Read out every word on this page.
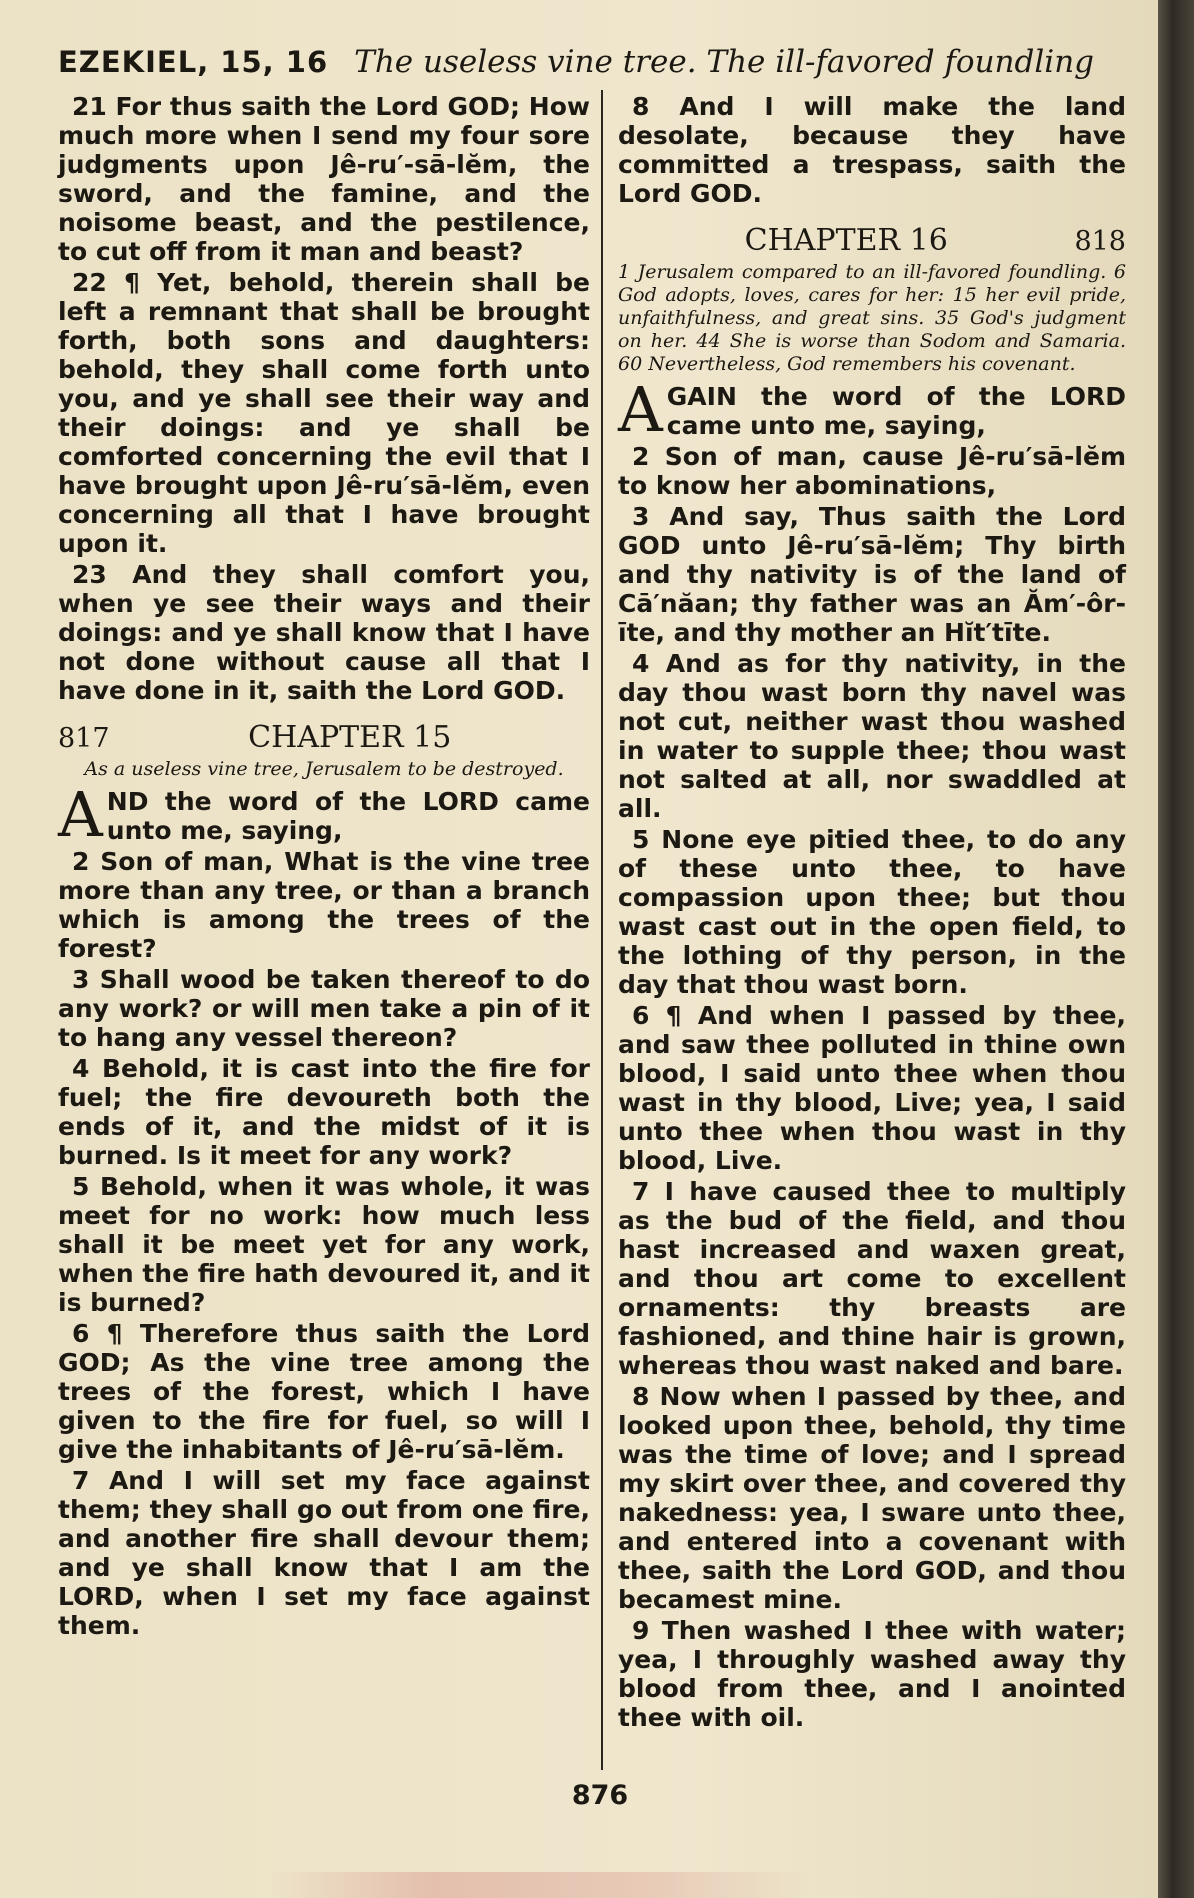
EZEKIEL, 15, 16 The useless vine tree. The ill-favored foundling

21 For thus saith the Lord GOD; How much more when I send my four sore judgments upon Jê-ru′-sā-lĕm, the sword, and the famine, and the noisome beast, and the pestilence, to cut off from it man and beast?

22 ¶ Yet, behold, therein shall be left a remnant that shall be brought forth, both sons and daughters: behold, they shall come forth unto you, and ye shall see their way and their doings: and ye shall be comforted concerning the evil that I have brought upon Jê-ru′sā-lĕm, even concerning all that I have brought upon it.

23 And they shall comfort you, when ye see their ways and their doings: and ye shall know that I have not done without cause all that I have done in it, saith the Lord GOD.

817	CHAPTER 15

As a useless vine tree, Jerusalem to be destroyed.

AND the word of the LORD came unto me, saying,

2 Son of man, What is the vine tree more than any tree, or than a branch which is among the trees of the forest?

3 Shall wood be taken thereof to do any work? or will men take a pin of it to hang any vessel thereon?

4 Behold, it is cast into the fire for fuel; the fire devoureth both the ends of it, and the midst of it is burned. Is it meet for any work?

5 Behold, when it was whole, it was meet for no work: how much less shall it be meet yet for any work, when the fire hath devoured it, and it is burned?

6 ¶ Therefore thus saith the Lord GOD; As the vine tree among the trees of the forest, which I have given to the fire for fuel, so will I give the inhabitants of Jê-ru′sā-lĕm.

7 And I will set my face against them; they shall go out from one fire, and another fire shall devour them; and ye shall know that I am the LORD, when I set my face against them.

8 And I will make the land desolate, because they have committed a trespass, saith the Lord GOD.

CHAPTER 16	818

1 Jerusalem compared to an ill-favored foundling. 6 God adopts, loves, cares for her: 15 her evil pride, unfaithfulness, and great sins. 35 God's judgment on her. 44 She is worse than Sodom and Samaria. 60 Nevertheless, God remembers his covenant.

AGAIN the word of the LORD came unto me, saying,

2 Son of man, cause Jê-ru′sā-lĕm to know her abominations,

3 And say, Thus saith the Lord GOD unto Jê-ru′sā-lĕm; Thy birth and thy nativity is of the land of Cā′năan; thy father was an Ăm′-ôr-īte, and thy mother an Hĭt′tīte.

4 And as for thy nativity, in the day thou wast born thy navel was not cut, neither wast thou washed in water to supple thee; thou wast not salted at all, nor swaddled at all.

5 None eye pitied thee, to do any of these unto thee, to have compassion upon thee; but thou wast cast out in the open field, to the lothing of thy person, in the day that thou wast born.

6 ¶ And when I passed by thee, and saw thee polluted in thine own blood, I said unto thee when thou wast in thy blood, Live; yea, I said unto thee when thou wast in thy blood, Live.

7 I have caused thee to multiply as the bud of the field, and thou hast increased and waxen great, and thou art come to excellent ornaments: thy breasts are fashioned, and thine hair is grown, whereas thou wast naked and bare.

8 Now when I passed by thee, and looked upon thee, behold, thy time was the time of love; and I spread my skirt over thee, and covered thy nakedness: yea, I sware unto thee, and entered into a covenant with thee, saith the Lord GOD, and thou becamest mine.

9 Then washed I thee with water; yea, I throughly washed away thy blood from thee, and I anointed thee with oil.

876
